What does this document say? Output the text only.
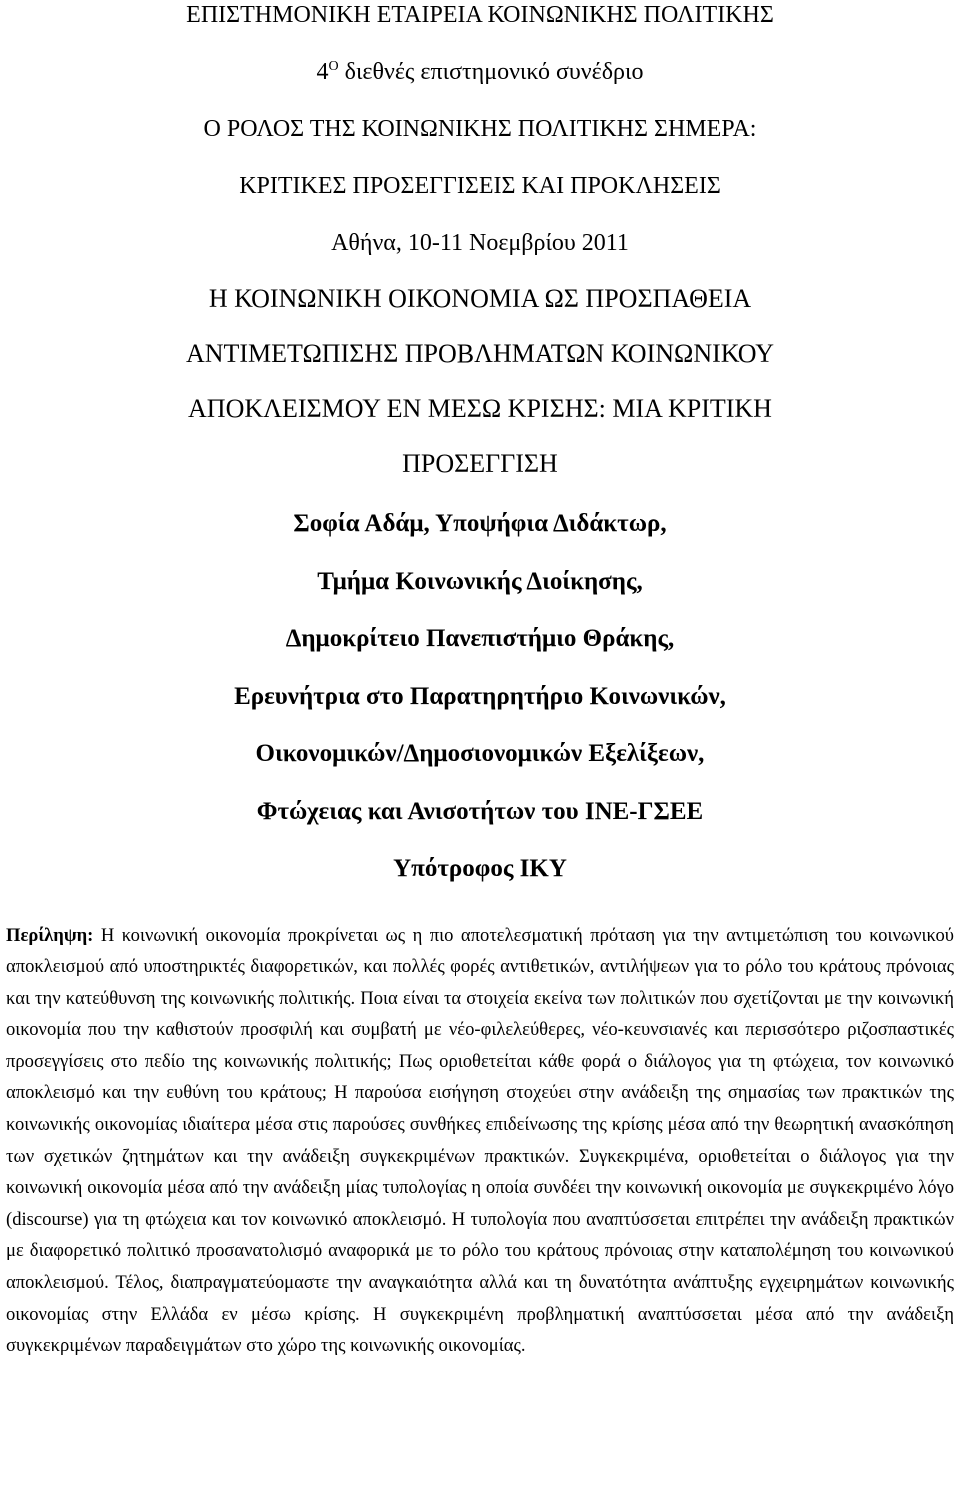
ΕΠΙΣΤΗΜΟΝΙΚΗ ΕΤΑΙΡΕΙΑ ΚΟΙΝΩΝΙΚΗΣ ΠΟΛΙΤΙΚΗΣ
$4^O$ διεθνές επιστημονικό συνέδριο
Ο ΡΟΛΟΣ ΤΗΣ ΚΟΙΝΩΝΙΚΗΣ ΠΟΛΙΤΙΚΗΣ ΣΗΜΕΡΑ:
ΚΡΙΤΙΚΕΣ ΠΡΟΣΕΓΓΙΣΕΙΣ ΚΑΙ ΠΡΟΚΛΗΣΕΙΣ
Αθήνα, 10-11 Νοεμβρίου 2011
Η ΚΟΙΝΩΝΙΚΗ ΟΙΚΟΝΟΜΙΑ ΩΣ ΠΡΟΣΠΑΘΕΙΑ
ΑΝΤΙΜΕΤΩΠΙΣΗΣ ΠΡΟΒΛΗΜΑΤΩΝ ΚΟΙΝΩΝΙΚΟΥ
ΑΠΟΚΛΕΙΣΜΟΥ ΕΝ ΜΕΣΩ ΚΡΙΣΗΣ: ΜΙΑ ΚΡΙΤΙΚΗ
ΠΡΟΣΕΓΓΙΣΗ
Σοφία Αδάμ, Υποψήφια Διδάκτωρ,
Τμήμα Κοινωνικής Διοίκησης,
Δημοκρίτειο Πανεπιστήμιο Θράκης,
Ερευνήτρια στο Παρατηρητήριο Κοινωνικών,
Οικονομικών/Δημοσιονομικών Εξελίξεων,
Φτώχειας και Ανισοτήτων του ΙΝΕ-ΓΣΕΕ
Υπότροφος ΙΚΥ

Περίληψη: Η κοινωνική οικονομία προκρίνεται ως η πιο αποτελεσματική πρόταση για την αντιμετώπιση του κοινωνικού αποκλεισμού από υποστηρικτές διαφορετικών, και πολλές φορές αντιθετικών, αντιλήψεων για το ρόλο του κράτους πρόνοιας και την κατεύθυνση της κοινωνικής πολιτικής. Ποια είναι τα στοιχεία εκείνα των πολιτικών που σχετίζονται με την κοινωνική οικονομία που την καθιστούν προσφιλή και συμβατή με νέο-φιλελεύθερες, νέο-κευνσιανές και περισσότερο ριζοσπαστικές προσεγγίσεις στο πεδίο της κοινωνικής πολιτικής; Πως οριοθετείται κάθε φορά ο διάλογος για τη φτώχεια, τον κοινωνικό αποκλεισμό και την ευθύνη του κράτους; Η παρούσα εισήγηση στοχεύει στην ανάδειξη της σημασίας των πρακτικών της κοινωνικής οικονομίας ιδιαίτερα μέσα στις παρούσες συνθήκες επιδείνωσης της κρίσης μέσα από την θεωρητική ανασκόπηση των σχετικών ζητημάτων και την ανάδειξη συγκεκριμένων πρακτικών. Συγκεκριμένα, οριοθετείται ο διάλογος για την κοινωνική οικονομία μέσα από την ανάδειξη μίας τυπολογίας η οποία συνδέει την κοινωνική οικονομία με συγκεκριμένο λόγο (discourse) για τη φτώχεια και τον κοινωνικό αποκλεισμό. Η τυπολογία που αναπτύσσεται επιτρέπει την ανάδειξη πρακτικών με διαφορετικό πολιτικό προσανατολισμό αναφορικά με το ρόλο του κράτους πρόνοιας στην καταπολέμηση του κοινωνικού αποκλεισμού. Τέλος, διαπραγματεύομαστε την αναγκαιότητα αλλά και τη δυνατότητα ανάπτυξης εγχειρημάτων κοινωνικής οικονομίας στην Ελλάδα εν μέσω κρίσης. Η συγκεκριμένη προβληματική αναπτύσσεται μέσα από την ανάδειξη συγκεκριμένων παραδειγμάτων στο χώρο της κοινωνικής οικονομίας.
